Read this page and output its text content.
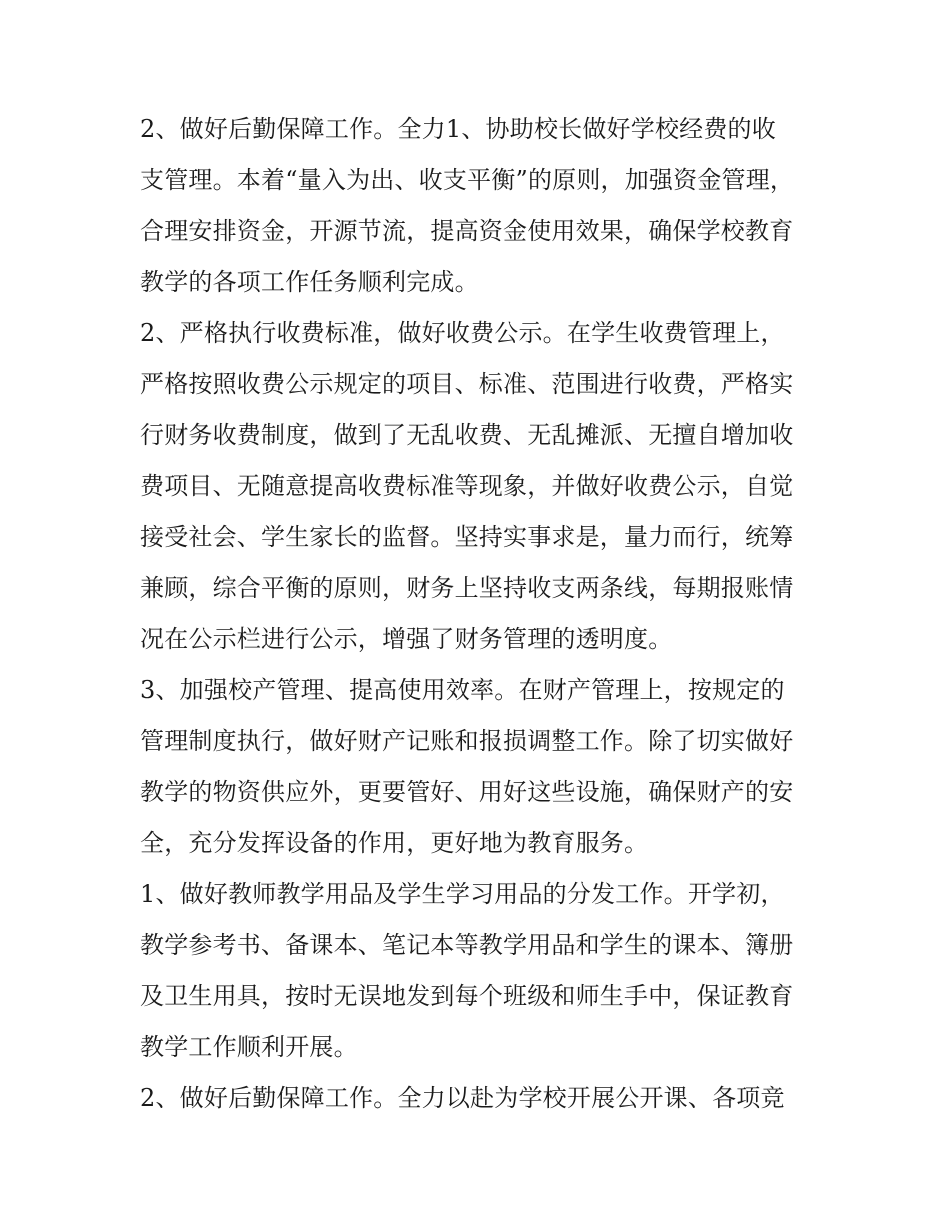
2、做好后勤保障工作。全力1、协助校长做好学校经费的收
支管理。本着“量入为出、收支平衡”的原则，加强资金管理，
合理安排资金，开源节流，提高资金使用效果，确保学校教育
教学的各项工作任务顺利完成。
2、严格执行收费标准，做好收费公示。在学生收费管理上，
严格按照收费公示规定的项目、标准、范围进行收费，严格实
行财务收费制度，做到了无乱收费、无乱摊派、无擅自增加收
费项目、无随意提高收费标准等现象，并做好收费公示，自觉
接受社会、学生家长的监督。坚持实事求是，量力而行，统筹
兼顾，综合平衡的原则，财务上坚持收支两条线，每期报账情
况在公示栏进行公示，增强了财务管理的透明度。
3、加强校产管理、提高使用效率。在财产管理上，按规定的
管理制度执行，做好财产记账和报损调整工作。除了切实做好
教学的物资供应外，更要管好、用好这些设施，确保财产的安
全，充分发挥设备的作用，更好地为教育服务。
1、做好教师教学用品及学生学习用品的分发工作。开学初，
教学参考书、备课本、笔记本等教学用品和学生的课本、簿册
及卫生用具，按时无误地发到每个班级和师生手中，保证教育
教学工作顺利开展。
2、做好后勤保障工作。全力以赴为学校开展公开课、各项竞
